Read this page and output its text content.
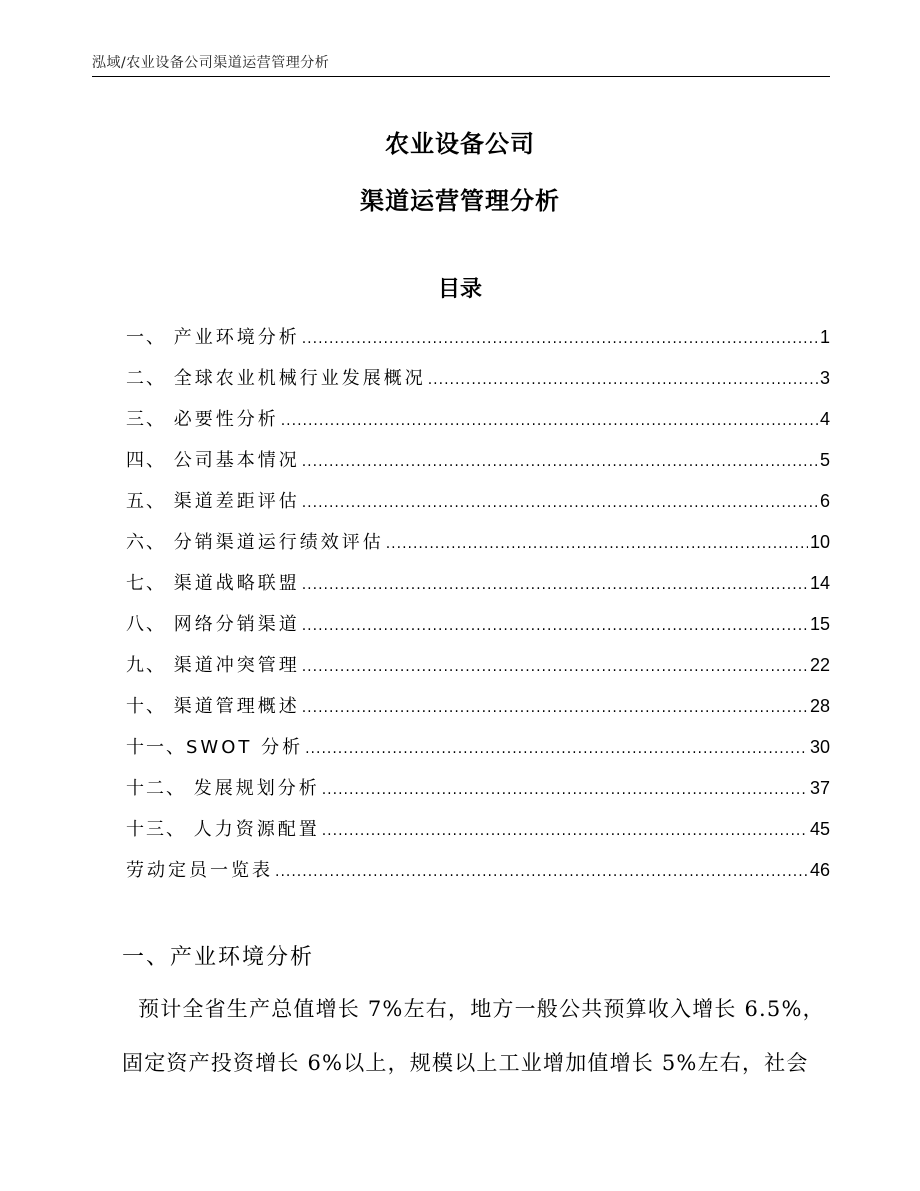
泓域/农业设备公司渠道运营管理分析
农业设备公司
渠道运营管理分析
目录
一、 产业环境分析 .....	1
二、 全球农业机械行业发展概况 .....	3
三、 必要性分析 .....	4
四、 公司基本情况 .....	5
五、 渠道差距评估 .....	6
六、 分销渠道运行绩效评估 .....	10
七、 渠道战略联盟 .....	14
八、 网络分销渠道 .....	15
九、 渠道冲突管理 .....	22
十、 渠道管理概述 .....	28
十一、 SWOT 分析 .....	30
十二、 发展规划分析 .....	37
十三、 人力资源配置 .....	45
劳动定员一览表 .....	46
一、产业环境分析
预计全省生产总值增长 7%左右，地方一般公共预算收入增长 6.5%，固定资产投资增长 6%以上，规模以上工业增加值增长 5%左右，社会
